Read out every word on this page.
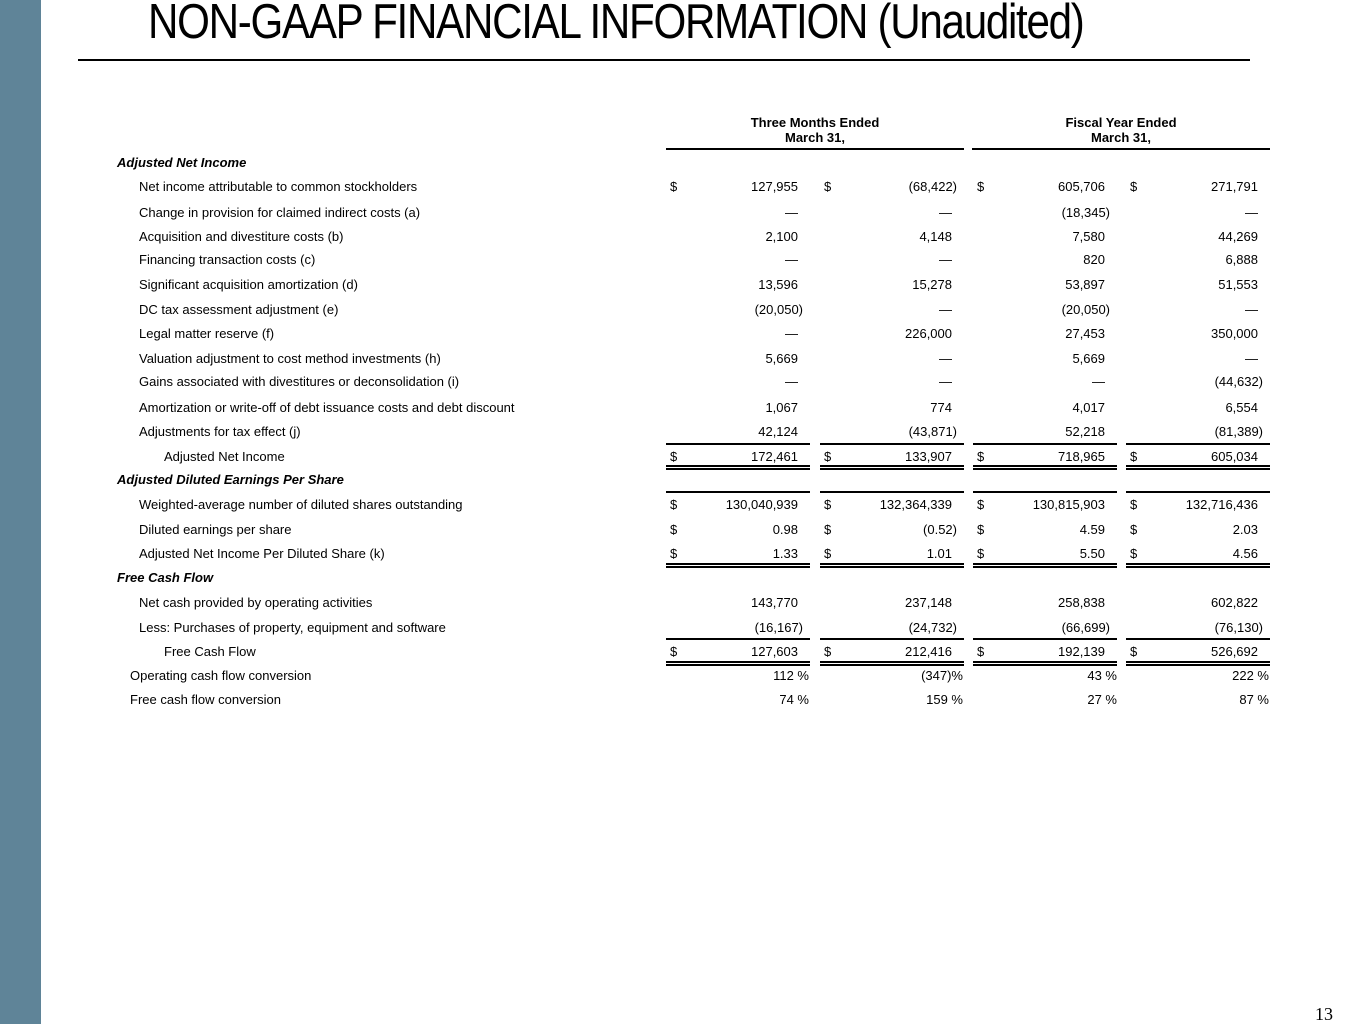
NON-GAAP FINANCIAL INFORMATION (Unaudited)
Three Months Ended
March 31,
Fiscal Year Ended
March 31,
Adjusted Net Income
Adjusted Diluted Earnings Per Share
Free Cash Flow
Net income attributable to common stockholders	$	127,955 $	(68,422) $	605,706 $	271,791
Change in provision for claimed indirect costs (a)	—	—	(18,345)	—
Acquisition and divestiture costs (b)	2,100	4,148	7,580	44,269
Financing transaction costs (c)	—	—	820	6,888
Significant acquisition amortization (d)	13,596	15,278	53,897	51,553
DC tax assessment adjustment (e)	(20,050)	—	(20,050)	—
Legal matter reserve (f)	—	226,000	27,453	350,000
Valuation adjustment to cost method investments (h)	5,669	—	5,669	—
Gains associated with divestitures or deconsolidation (i)	—	—	—	(44,632)
Amortization or write-off of debt issuance costs and debt discount	1,067	774	4,017	6,554
Adjustments for tax effect (j)	42,124	(43,871)	52,218	(81,389)
Adjusted Net Income	$	172,461 $	133,907 $	718,965 $	605,034
Weighted-average number of diluted shares outstanding	$	130,040,939 $	132,364,339 $	130,815,903 $	132,716,436
Diluted earnings per share	$	0.98 $	(0.52) $	4.59 $	2.03
Adjusted Net Income Per Diluted Share (k)	$	1.33 $	1.01 $	5.50 $	4.56
Net cash provided by operating activities	143,770	237,148	258,838	602,822
Less: Purchases of property, equipment and software	(16,167)	(24,732)	(66,699)	(76,130)
Free Cash Flow	$	127,603 $	212,416 $	192,139 $	526,692
Operating cash flow conversion	112 %	(347)%	43 %	222 %
Free cash flow conversion	74 %	159 %	27 %	87 %
13
